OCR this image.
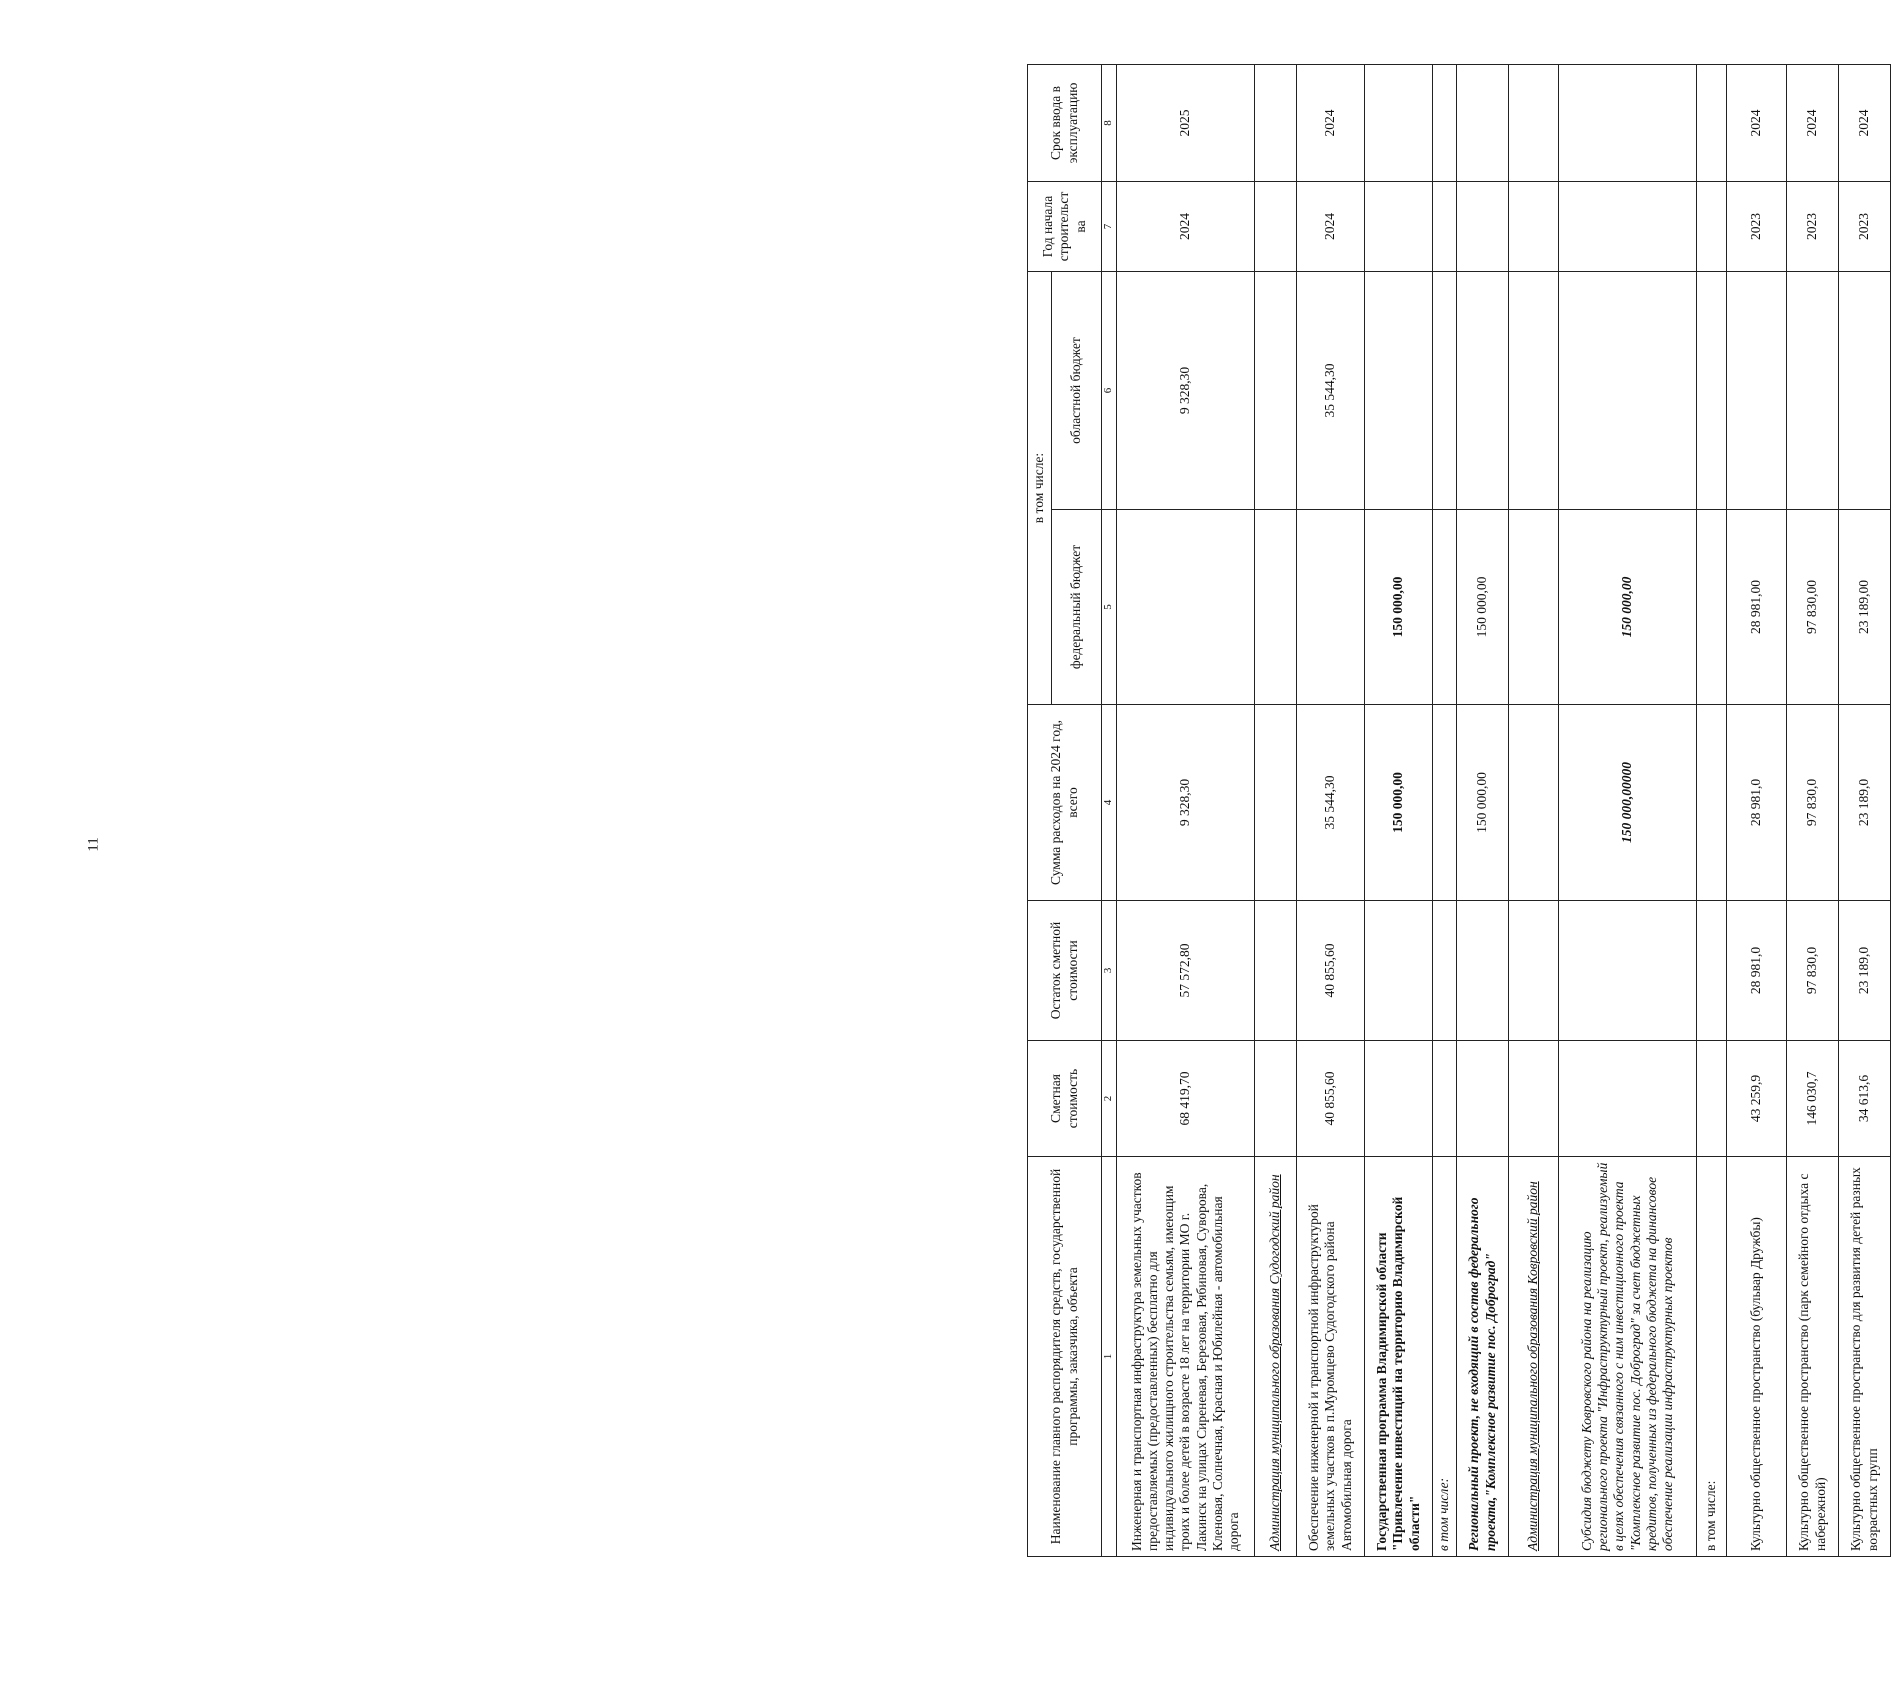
11
Наименование главного распорядителя средств, государственной программы, заказчика, объекта	Сметная стоимость	Остаток сметной стоимости	Сумма расходов на 2024 год, всего	в том числе:		Год начала строительст ва	Срок ввода в эксплуатацию
				федеральный бюджет	областной бюджет		
1	2	3	4	5	6	7	8
Инженерная и транспортная инфраструктура земельных участков предоставляемых (предоставленных) бесплатно для индивидуального жилищного строительства семьям, имеющим троих и более детей в возрасте 18 лет на территории МО г. Лакинск на улицах Сиреневая, Березовая, Рябиновая, Суворова, Кленовая, Солнечная, Красная и Юбилейная - автомобильная дорога	68 419,70	57 572,80	9 328,30		9 328,30	2024	2025
Администрация муниципального образования Судогодский район							
Обеспечение инженерной и транспортной инфраструктурой земельных участков в п.Муромцево Судогодского района Автомобильная дорога	40 855,60	40 855,60	35 544,30		35 544,30	2024	2024
Государственная программа Владимирской области "Привлечение инвестиций на территорию Владимирской области"			150 000,00	150 000,00			
в том числе:							
Региональный проект, не входящий в состав федерального проекта,"Комплексное развитие пос. Доброград"			150 000,00	150 000,00			
Администрация муниципального образования Ковровский район							
Субсидия бюджету Ковровского района на реализацию регионального проекта "Инфраструктурный проект, реализуемый в целях обеспечения связанного с ним инвестиционного проекта "Комплексное развитие пос. Доброград" за счет бюджетных кредитов, полученных из федерального бюджета на финансовое обеспечение реализации инфраструктурных проектов			150 000,00000	150 000,00			
в том числе:							
Культурно общественное пространство (бульвар Дружбы)	43 259,9	28 981,0	28 981,0	28 981,00		2023	2024
Культурно общественное пространство (парк семейного отдыха с набережной)	146 030,7	97 830,0	97 830,0	97 830,00		2023	2024
Культурно общественное пространство для развития детей разных возрастных групп	34 613,6	23 189,0	23 189,0	23 189,00		2023	2024
